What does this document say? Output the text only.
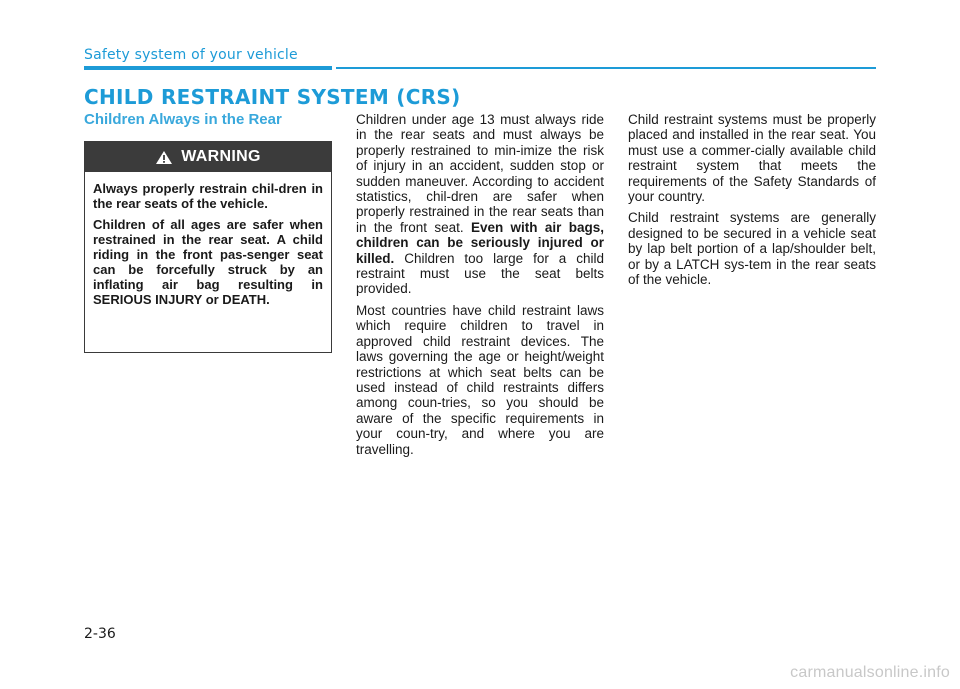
Safety system of your vehicle
CHILD RESTRAINT SYSTEM (CRS)
Children Always in the Rear
WARNING

Always properly restrain chil-dren in the rear seats of the vehicle.

Children of all ages are safer when restrained in the rear seat. A child riding in the front pas-senger seat can be forcefully struck by an inflating air bag resulting in SERIOUS INJURY or DEATH.

Children under age 13 must always ride in the rear seats and must always be properly restrained to min-imize the risk of injury in an accident, sudden stop or sudden maneuver. According to accident statistics, chil-dren are safer when properly restrained in the rear seats than in the front seat. Even with air bags, children can be seriously injured or killed. Children too large for a child restraint must use the seat belts provided.

Most countries have child restraint laws which require children to travel in approved child restraint devices. The laws governing the age or height/weight restrictions at which seat belts can be used instead of child restraints differs among coun-tries, so you should be aware of the specific requirements in your coun-try, and where you are travelling.

Child restraint systems must be properly placed and installed in the rear seat. You must use a commer-cially available child restraint system that meets the requirements of the Safety Standards of your country.

Child restraint systems are generally designed to be secured in a vehicle seat by lap belt portion of a lap/shoulder belt, or by a LATCH sys-tem in the rear seats of the vehicle.

2-36
carmanualsonline.info
